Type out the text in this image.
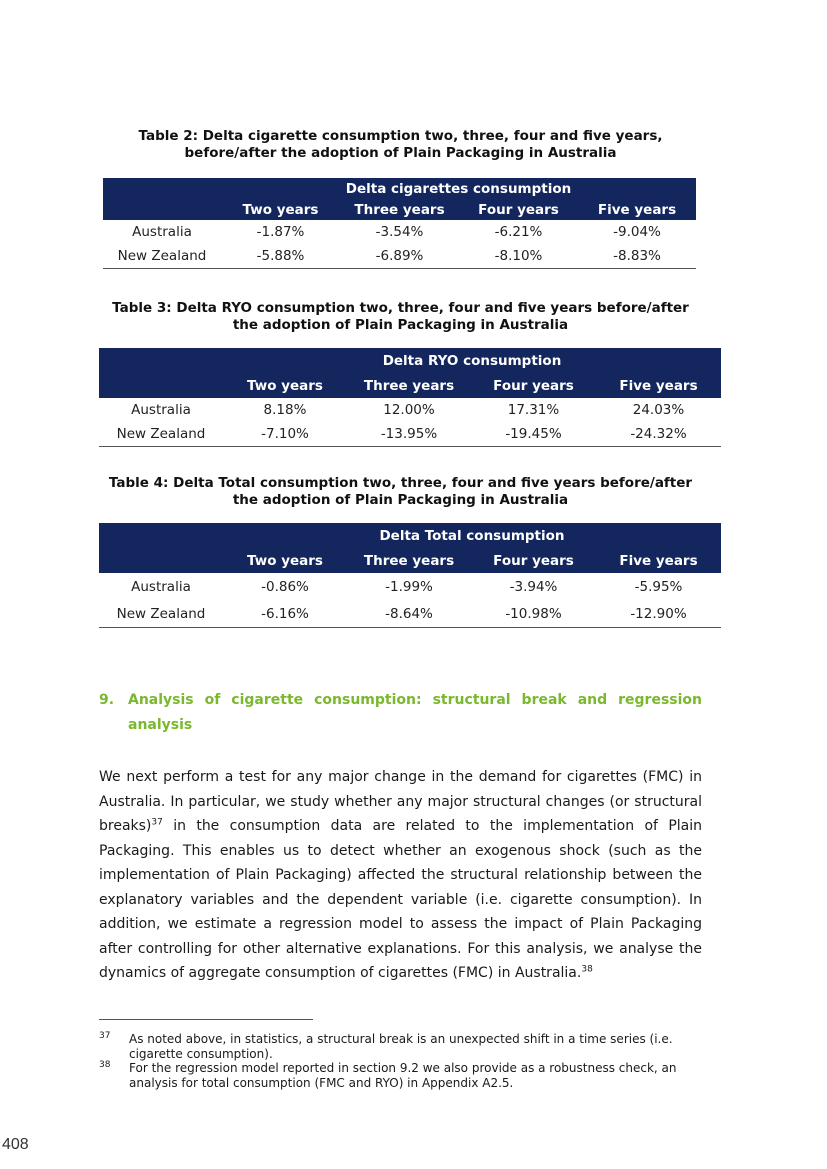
Table 2: Delta cigarette consumption two, three, four and five years,
before/after the adoption of Plain Packaging in Australia
	Delta cigarettes consumption			
	Two years	Three years	Four years	Five years
Australia	-1.87%	-3.54%	-6.21%	-9.04%
New Zealand	-5.88%	-6.89%	-8.10%	-8.83%
Table 3: Delta RYO consumption two, three, four and five years before/after
the adoption of Plain Packaging in Australia
	Delta RYO consumption			
	Two years	Three years	Four years	Five years
Australia	8.18%	12.00%	17.31%	24.03%
New Zealand	-7.10%	-13.95%	-19.45%	-24.32%
Table 4: Delta Total consumption two, three, four and five years before/after
the adoption of Plain Packaging in Australia
	Delta Total consumption			
	Two years	Three years	Four years	Five years
Australia	-0.86%	-1.99%	-3.94%	-5.95%
New Zealand	-6.16%	-8.64%	-10.98%	-12.90%
9. Analysis of cigarette consumption: structural break and regression analysis

We next perform a test for any major change in the demand for cigarettes (FMC) in Australia. In particular, we study whether any major structural changes (or structural breaks)$^{37}$ in the consumption data are related to the implementation of Plain Packaging. This enables us to detect whether an exogenous shock (such as the implementation of Plain Packaging) affected the structural relationship between the explanatory variables and the dependent variable (i.e. cigarette consumption). In addition, we estimate a regression model to assess the impact of Plain Packaging after controlling for other alternative explanations. For this analysis, we analyse the dynamics of aggregate consumption of cigarettes (FMC) in Australia.$^{38}$

37 As noted above, in statistics, a structural break is an unexpected shift in a time series (i.e. cigarette consumption).
38 For the regression model reported in section 9.2 we also provide as a robustness check, an analysis for total consumption (FMC and RYO) in Appendix A2.5.
408
